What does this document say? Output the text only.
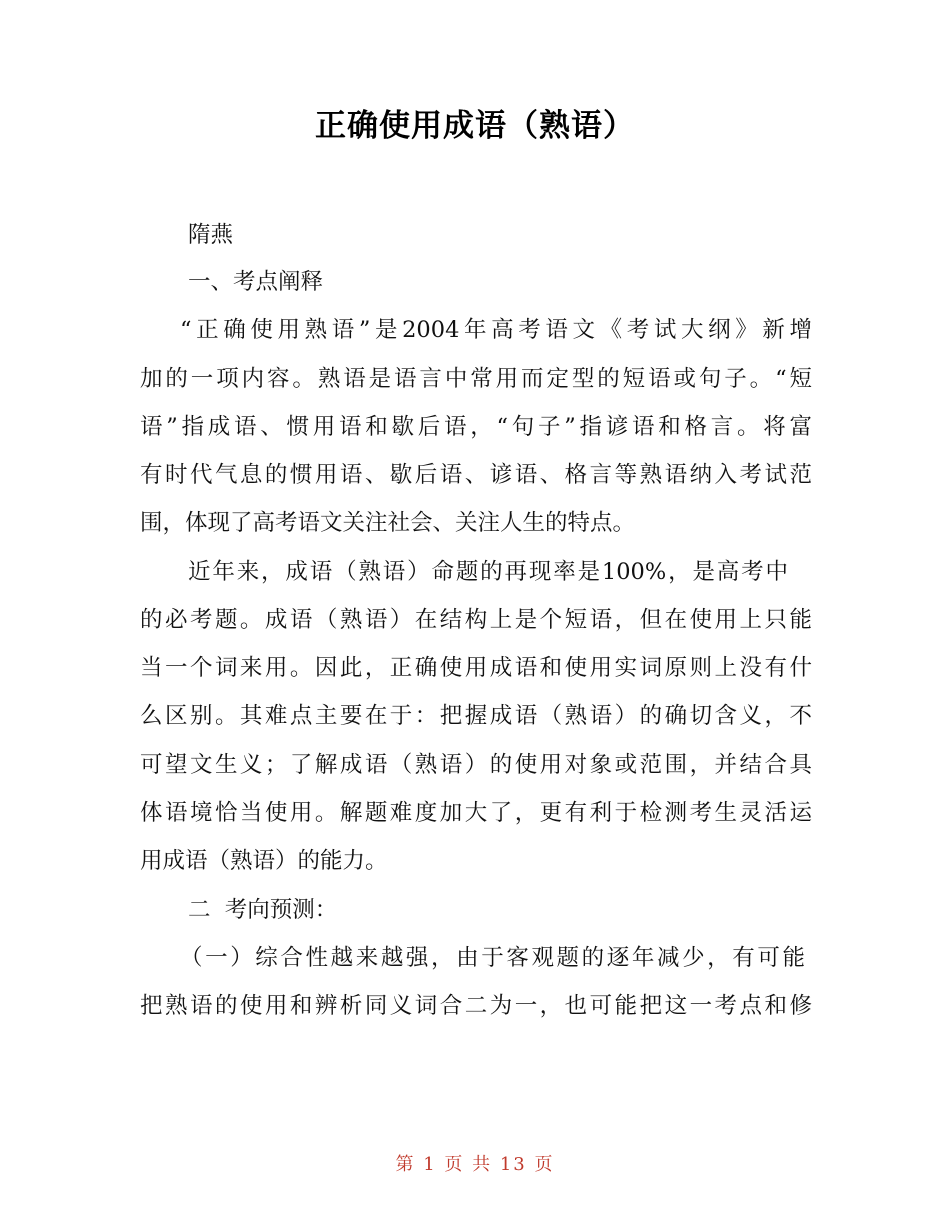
正确使用成语（熟语）
隋燕
一、考点阐释
“正确使用熟语”是2004年高考语文《考试大纲》新增
加的一项内容。熟语是语言中常用而定型的短语或句子。“短
语”指成语、惯用语和歇后语，“句子”指谚语和格言。将富
有时代气息的惯用语、歇后语、谚语、格言等熟语纳入考试范
围，体现了高考语文关注社会、关注人生的特点。
近年来，成语（熟语）命题的再现率是100%，是高考中
的必考题。成语（熟语）在结构上是个短语，但在使用上只能
当一个词来用。因此，正确使用成语和使用实词原则上没有什
么区别。其难点主要在于：把握成语（熟语）的确切含义，不
可望文生义；了解成语（熟语）的使用对象或范围，并结合具
体语境恰当使用。解题难度加大了，更有利于检测考生灵活运
用成语（熟语）的能力。
二  考向预测：
（一）综合性越来越强，由于客观题的逐年减少，有可能
把熟语的使用和辨析同义词合二为一，也可能把这一考点和修
第 1 页 共 13 页
